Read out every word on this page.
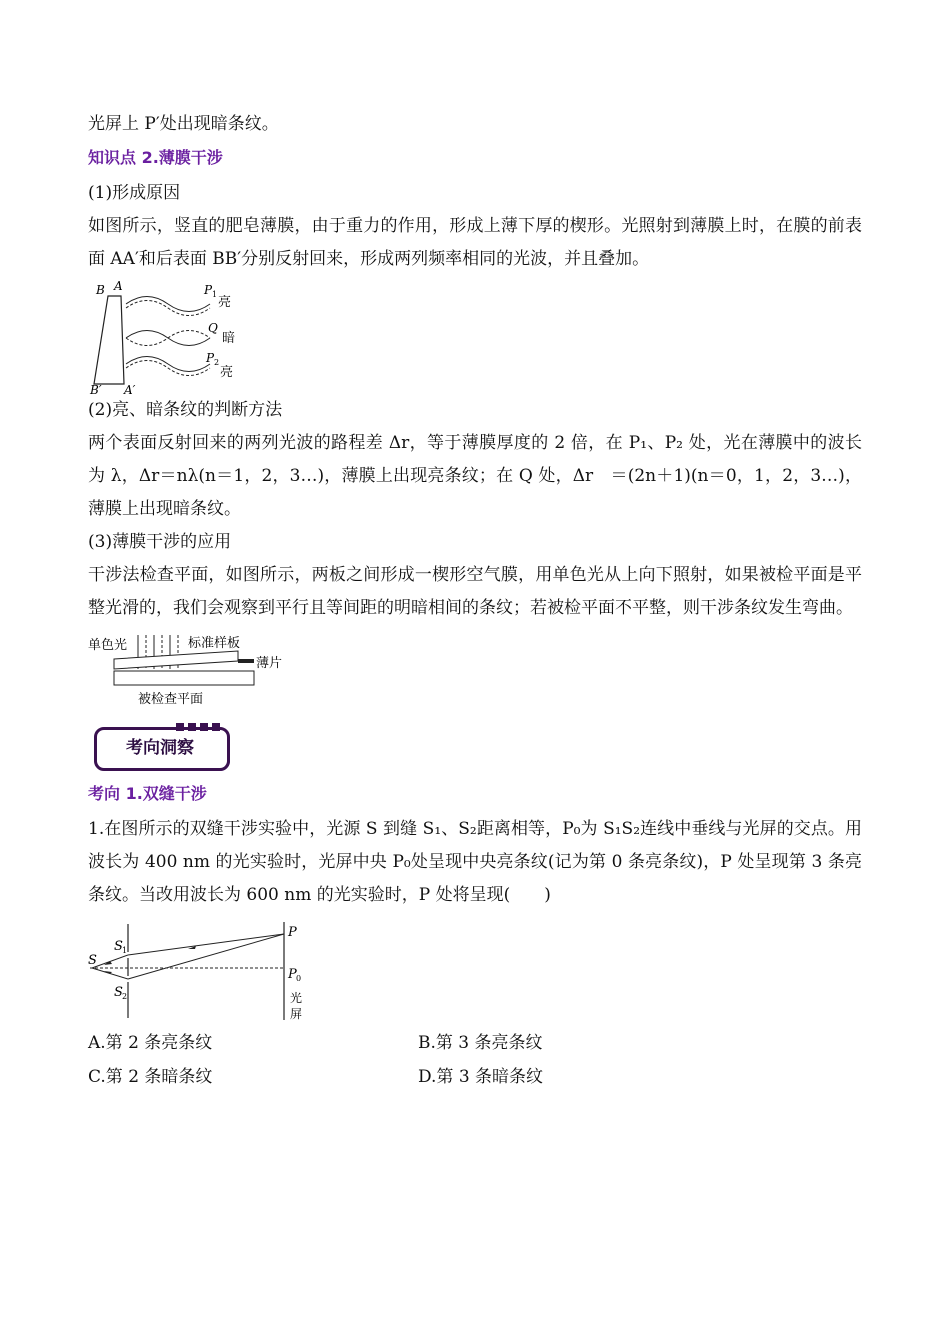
光屏上 P′处出现暗条纹。

知识点 2.薄膜干涉

(1)形成原因

如图所示，竖直的肥皂薄膜，由于重力的作用，形成上薄下厚的楔形。光照射到薄膜上时，在膜的前表面 AA′和后表面 BB′分别反射回来，形成两列频率相同的光波，并且叠加。

B A
B′ A′
P 1
亮
Q
暗
P 2
亮

(2)亮、暗条纹的判断方法

两个表面反射回来的两列光波的路程差 Δr，等于薄膜厚度的 2 倍，在 P₁、P₂ 处，光在薄膜中的波长为 λ，Δr＝nλ(n＝1，2，3…)，薄膜上出现亮条纹；在 Q 处，Δr　＝(2n＋1)(n＝0，1，2，3…)，薄膜上出现暗条纹。

(3)薄膜干涉的应用

干涉法检查平面，如图所示，两板之间形成一楔形空气膜，用单色光从上向下照射，如果被检平面是平整光滑的，我们会观察到平行且等间距的明暗相间的条纹；若被检平面不平整，则干涉条纹发生弯曲。

单色光	标准样板
薄片
被检查平面
考向洞察

考向 1.双缝干涉

1.在图所示的双缝干涉实验中，光源 S 到缝 S₁、S₂距离相等，P₀为 S₁S₂连线中垂线与光屏的交点。用波长为 400 nm 的光实验时，光屏中央 P₀处呈现中央亮条纹(记为第 0 条亮条纹)，P 处呈现第 3 条亮条纹。当改用波长为 600 nm 的光实验时，P 处将呈现(　　)

S
S 1
S 2
P
P 0
光
屏
A.第 2 条亮条纹	B.第 3 条亮条纹
C.第 2 条暗条纹	D.第 3 条暗条纹
